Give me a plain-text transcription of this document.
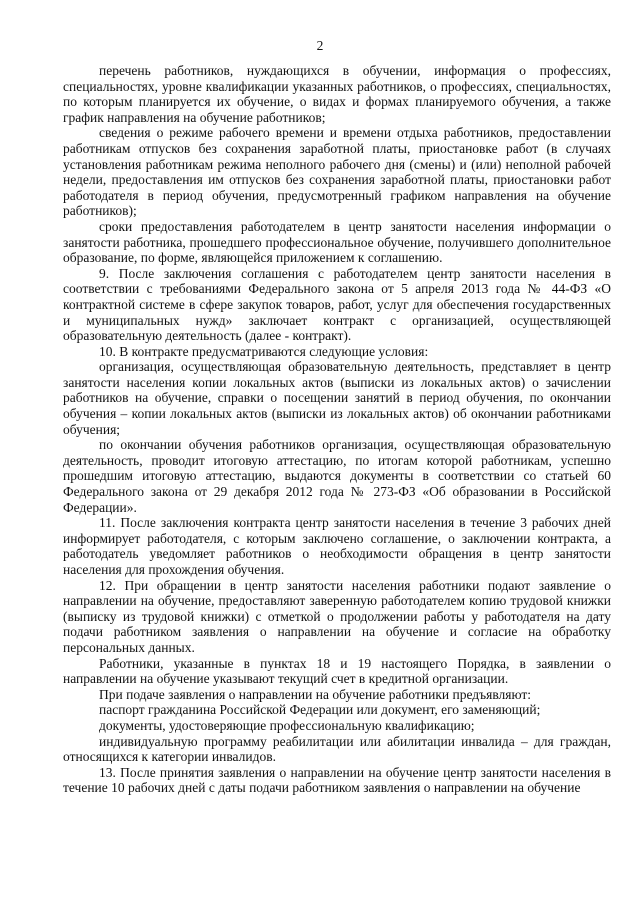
2

перечень работников, нуждающихся в обучении, информация о профессиях, специальностях, уровне квалификации указанных работников, о профессиях, специальностях, по которым планируется их обучение, о видах и формах планируемого обучения, а также график направления на обучение работников;

сведения о режиме рабочего времени и времени отдыха работников, предоставлении работникам отпусков без сохранения заработной платы, приостановке работ (в случаях установления работникам режима неполного рабочего дня (смены) и (или) неполной рабочей недели, предоставления им отпусков без сохранения заработной платы, приостановки работ работодателя в период обучения, предусмотренный графиком направления на обучение работников);

сроки предоставления работодателем в центр занятости населения информации о занятости работника, прошедшего профессиональное обучение, получившего дополнительное образование, по форме, являющейся приложением к соглашению.

9. После заключения соглашения с работодателем центр занятости населения в соответствии с требованиями Федерального закона от 5 апреля 2013 года № 44-ФЗ «О контрактной системе в сфере закупок товаров, работ, услуг для обеспечения государственных и муниципальных нужд» заключает контракт с организацией, осуществляющей образовательную деятельность (далее - контракт).

10. В контракте предусматриваются следующие условия:

организация, осуществляющая образовательную деятельность, представляет в центр занятости населения копии локальных актов (выписки из локальных актов) о зачислении работников на обучение, справки о посещении занятий в период обучения, по окончании обучения – копии локальных актов (выписки из локальных актов) об окончании работниками обучения;

по окончании обучения работников организация, осуществляющая образовательную деятельность, проводит итоговую аттестацию, по итогам которой работникам, успешно прошедшим итоговую аттестацию, выдаются документы в соответствии со статьей 60 Федерального закона от 29 декабря 2012 года № 273-ФЗ «Об образовании в Российской Федерации».

11. После заключения контракта центр занятости населения в течение 3 рабочих дней информирует работодателя, с которым заключено соглашение, о заключении контракта, а работодатель уведомляет работников о необходимости обращения в центр занятости населения для прохождения обучения.

12. При обращении в центр занятости населения работники подают заявление о направлении на обучение, предоставляют заверенную работодателем копию трудовой книжки (выписку из трудовой книжки) с отметкой о продолжении работы у работодателя на дату подачи работником заявления о направлении на обучение и согласие на обработку персональных данных.

Работники, указанные в пунктах 18 и 19 настоящего Порядка, в заявлении о направлении на обучение указывают текущий счет в кредитной организации.

При подаче заявления о направлении на обучение работники предъявляют:

паспорт гражданина Российской Федерации или документ, его заменяющий;

документы, удостоверяющие профессиональную квалификацию;

индивидуальную программу реабилитации или абилитации инвалида – для граждан, относящихся к категории инвалидов.

13. После принятия заявления о направлении на обучение центр занятости населения в течение 10 рабочих дней с даты подачи работником заявления о направлении на обучение
